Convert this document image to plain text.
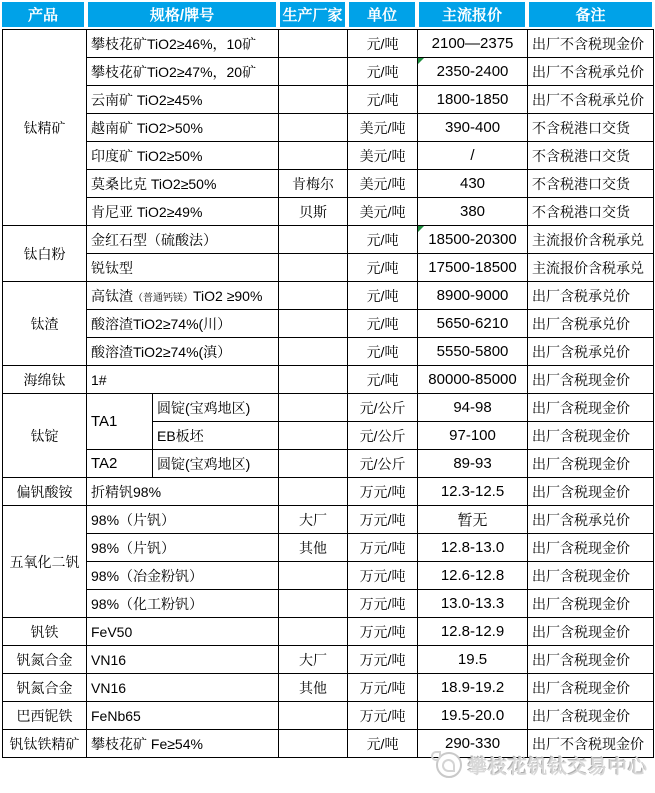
产品	规格/牌号	生产厂家	单位	主流报价	备注
钛精矿	攀枝花矿TiO2≥46%，10矿			元/吨	2100—2375	出厂不含税现金价
	攀枝花矿TiO2≥47%，20矿			元/吨	2350-2400	出厂不含税承兑价
	云南矿 TiO2≥45%			元/吨	1800-1850	出厂不含税承兑价
	越南矿 TiO2>50%			美元/吨	390-400	不含税港口交货
	印度矿 TiO2≥50%			美元/吨	/	不含税港口交货
	莫桑比克 TiO2≥50%		肯梅尔	美元/吨	430	不含税港口交货
	肯尼亚 TiO2≥49%		贝斯	美元/吨	380	不含税港口交货
钛白粉	金红石型（硫酸法）			元/吨	18500-20300	主流报价含税承兑
	锐钛型			元/吨	17500-18500	主流报价含税承兑
钛渣	高钛渣（普通钙镁）TiO2 ≥90%			元/吨	8900-9000	出厂含税承兑价
	酸溶渣TiO2≥74%(川）			元/吨	5650-6210	出厂含税承兑价
	酸溶渣TiO2≥74%(滇）			元/吨	5550-5800	出厂含税承兑价
海绵钛	1#			元/吨	80000-85000	出厂含税现金价
钛锭	TA1	圆锭(宝鸡地区)		元/公斤	94-98	出厂含税现金价
		EB板坯		元/公斤	97-100	出厂含税现金价
	TA2	圆锭(宝鸡地区)		元/公斤	89-93	出厂含税现金价
偏钒酸铵	折精钒98%			万元/吨	12.3-12.5	出厂含税现金价
五氧化二钒	98%（片钒）		大厂	万元/吨	暂无	出厂含税承兑价
	98%（片钒）		其他	万元/吨	12.8-13.0	出厂含税现金价
	98%（冶金粉钒）			万元/吨	12.6-12.8	出厂含税现金价
	98%（化工粉钒）			万元/吨	13.0-13.3	出厂含税现金价
钒铁	FeV50			万元/吨	12.8-12.9	出厂含税现金价
钒氮合金	VN16		大厂	万元/吨	19.5	出厂含税现金价
钒氮合金	VN16		其他	万元/吨	18.9-19.2	出厂含税现金价
巴西铌铁	FeNb65			万元/吨	19.5-20.0	出厂含税现金价
钒钛铁精矿	攀枝花矿 Fe≥54%			元/吨	290-330	出厂不含税现金价
攀枝花钒钛交易中心
